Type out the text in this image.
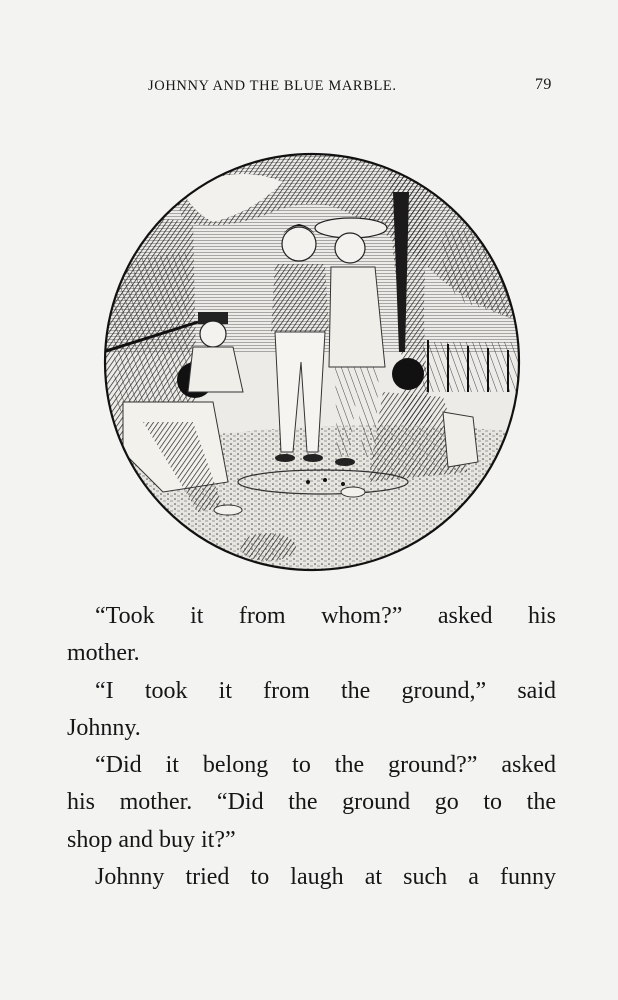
JOHNNY AND THE BLUE MARBLE.	79
“Took it from whom?” asked his
mother.
“I took it from the ground,” said
Johnny.
“Did it belong to the ground?” asked
his mother. “Did the ground go to the
shop and buy it?”
Johnny tried to laugh at such a funny
